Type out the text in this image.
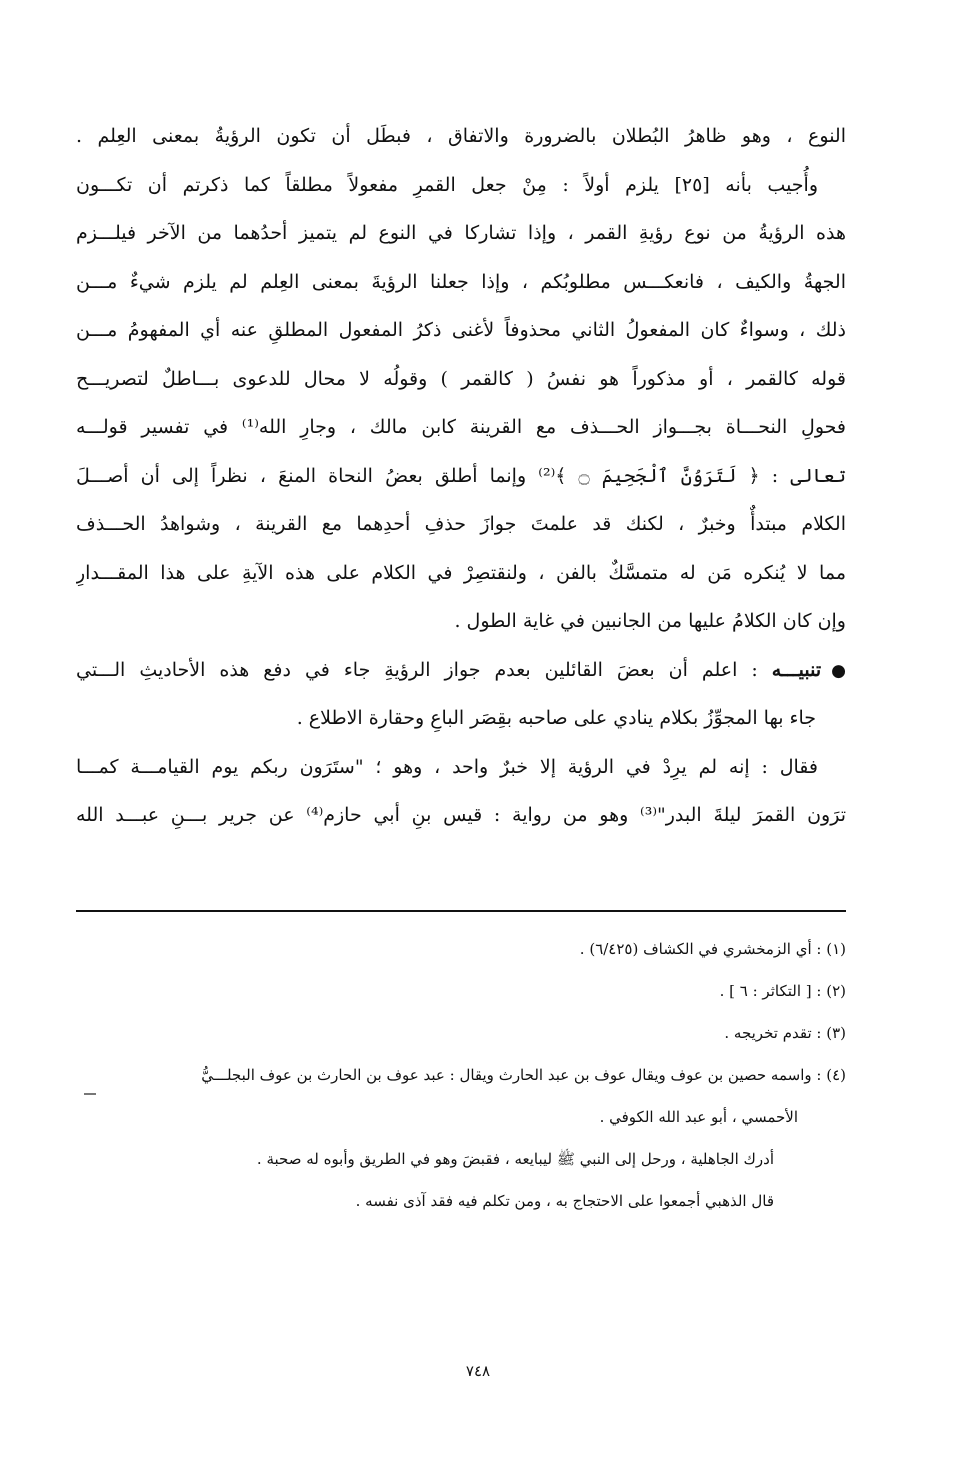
النوع ، وهو ظاهرُ البُطلان بالضرورة والاتفاق ، فبطَل أن تكون الرؤيةُ بمعنى العِلم .
وأُجيب بأنه [٢٥] يلزم أولاً : مِنْ جعل القمرِ مفعولاً مطلقاً كما ذكرتم أن تكـــون
هذه الرؤيةُ من نوع رؤيةِ القمر ، وإذا تشاركا في النوع لم يتميز أحدُهما من الآخر فيلـــزم
الجهةُ والكيف ، فانعكـــس مطلوبُكم ، وإذا جعلنا الرؤيةَ بمعنى العِلم لم يلزم شيءٌ مـــن
ذلك ، وسواءٌ كان المفعولُ الثاني محذوفاً لأغنى ذكرُ المفعول المطلقِ عنه أي المفهومُ مـــن
قوله كالقمر ، أو مذكوراً هو نفسُ ( كالقمر ) وقولُه لا محال للدعوى بـــاطلٌ لتصريـــح
فحولِ النحـــاة بجـــواز الحـــذف مع القرينة كابن مالك ، وجارِ الله⁽¹⁾ في تفسير قولـــه
تعالى : ﴿ لَتَرَوُنَّ ٱلْجَحِيمَ ۝ ﴾⁽²⁾ وإنما أطلق بعضُ النحاة المنعَ ، نظراً إلى أن أصـــلَ
الكلام مبتدأٌ وخبرٌ ، لكنك قد علمتَ جوازَ حذفِ أحدِهما مع القرينة ، وشواهدُ الحـــذف
مما لا يُنكره مَن له متمسَّكٌ بالفن ، ولنقتصِرْ في الكلام على هذه الآيةِ على هذا المقـــدارِ
وإن كان الكلامُ عليها من الجانبين في غاية الطول .
●تنبيـــه : اعلم أن بعضَ القائلين بعدم جواز الرؤيةِ جاء في دفع هذه الأحاديثِ الـــتي
جاء بها المجوِّزُ بكلام ينادي على صاحبه بقِصَر الباعِ وحقارة الاطلاع .
فقال : إنه لم يرِدْ في الرؤية إلا خبرٌ واحد ، وهو ؛ "ستَرَون ربكم يوم القيامـــة كمـــا
ترَون القمرَ ليلةَ البدر"⁽³⁾ وهو من رواية : قيس بنِ أبي حازم⁽⁴⁾ عن جرير بـــنِ عبـــد الله
(١) : أي الزمخشري في الكشاف (٦/٤٢٥) .
(٢) : [ التكاثر : ٦ ] .
(٣) : تقدم تخريجه .
(٤) : واسمه حصين بن عوف ويقال عوف بن عبد الحارث ويقال : عبد عوف بن الحارث بن عوف البجلـــيُّ
الأحمسي ، أبو عبد الله الكوفي .
أدرك الجاهلية ، ورحل إلى النبي ﷺ ليبايعه ، فقبضَ وهو في الطريق وأبوه له صحبة .
قال الذهبي أجمعوا على الاحتجاج به ، ومن تكلم فيه فقد آذى نفسه .
٧٤٨
